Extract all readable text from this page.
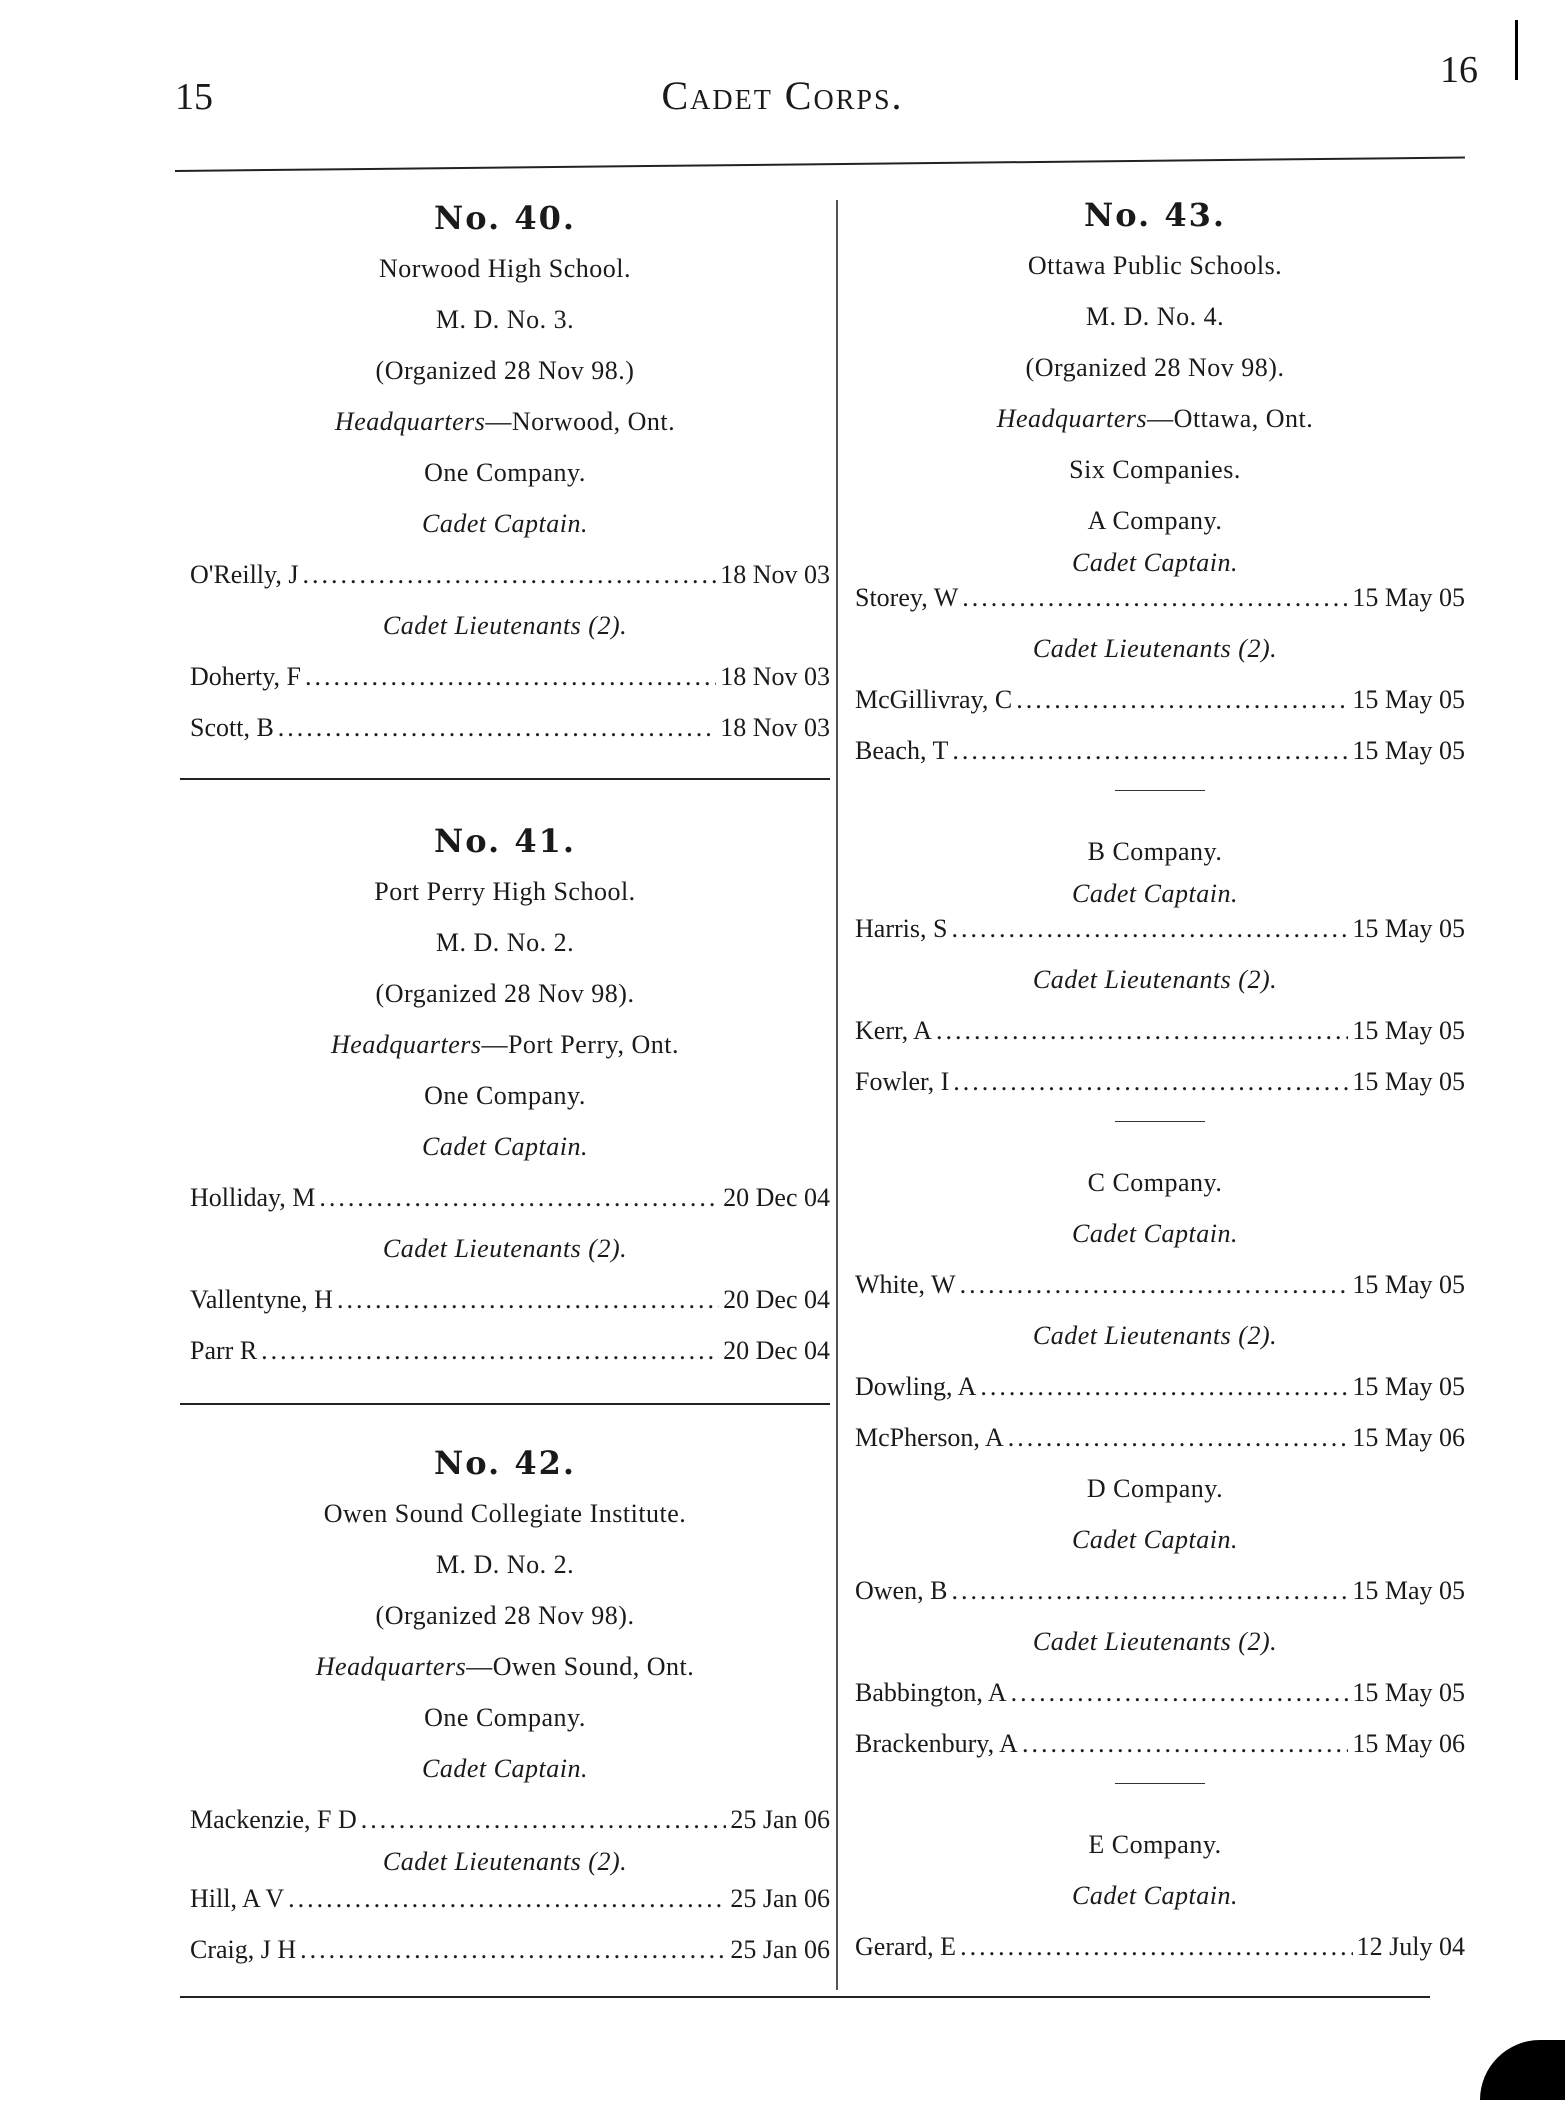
15	Cadet Corps.
16
No. 40.
Norwood High School.
M. D. No. 3.
(Organized 28 Nov 98.)
Headquarters—Norwood, Ont.
One Company.
Cadet Captain.
O'Reilly, J .....	18 Nov 03
Cadet Lieutenants (2).
Doherty, F .....	18 Nov 03
Scott, B .....	18 Nov 03
No. 41.
Port Perry High School.
M. D. No. 2.
(Organized 28 Nov 98).
Headquarters—Port Perry, Ont.
One Company.
Cadet Captain.
Holliday, M .....	20 Dec 04
Cadet Lieutenants (2).
Vallentyne, H .....	20 Dec 04
Parr R .....	20 Dec 04
No. 42.
Owen Sound Collegiate Institute.
M. D. No. 2.
(Organized 28 Nov 98).
Headquarters—Owen Sound, Ont.
One Company.
Cadet Captain.
Mackenzie, F D .....	25 Jan 06
Cadet Lieutenants (2).
Hill, A V .....	25 Jan 06
Craig, J H .....	25 Jan 06
No. 43.
Ottawa Public Schools.
M. D. No. 4.
(Organized 28 Nov 98).
Headquarters—Ottawa, Ont.
Six Companies.
A Company.
Cadet Captain.
Storey, W .....	15 May 05
Cadet Lieutenants (2).
McGillivray, C .....	15 May 05
Beach, T .....	15 May 05
B Company.
Cadet Captain.
Harris, S .....	15 May 05
Cadet Lieutenants (2).
Kerr, A .....	15 May 05
Fowler, I .....	15 May 05
C Company.
Cadet Captain.
White, W .....	15 May 05
Cadet Lieutenants (2).
Dowling, A .....	15 May 05
McPherson, A .....	15 May 06
D Company.
Cadet Captain.
Owen, B .....	15 May 05
Cadet Lieutenants (2).
Babbington, A .....	15 May 05
Brackenbury, A .....	15 May 06
E Company.
Cadet Captain.
Gerard, E .....	12 July 04
